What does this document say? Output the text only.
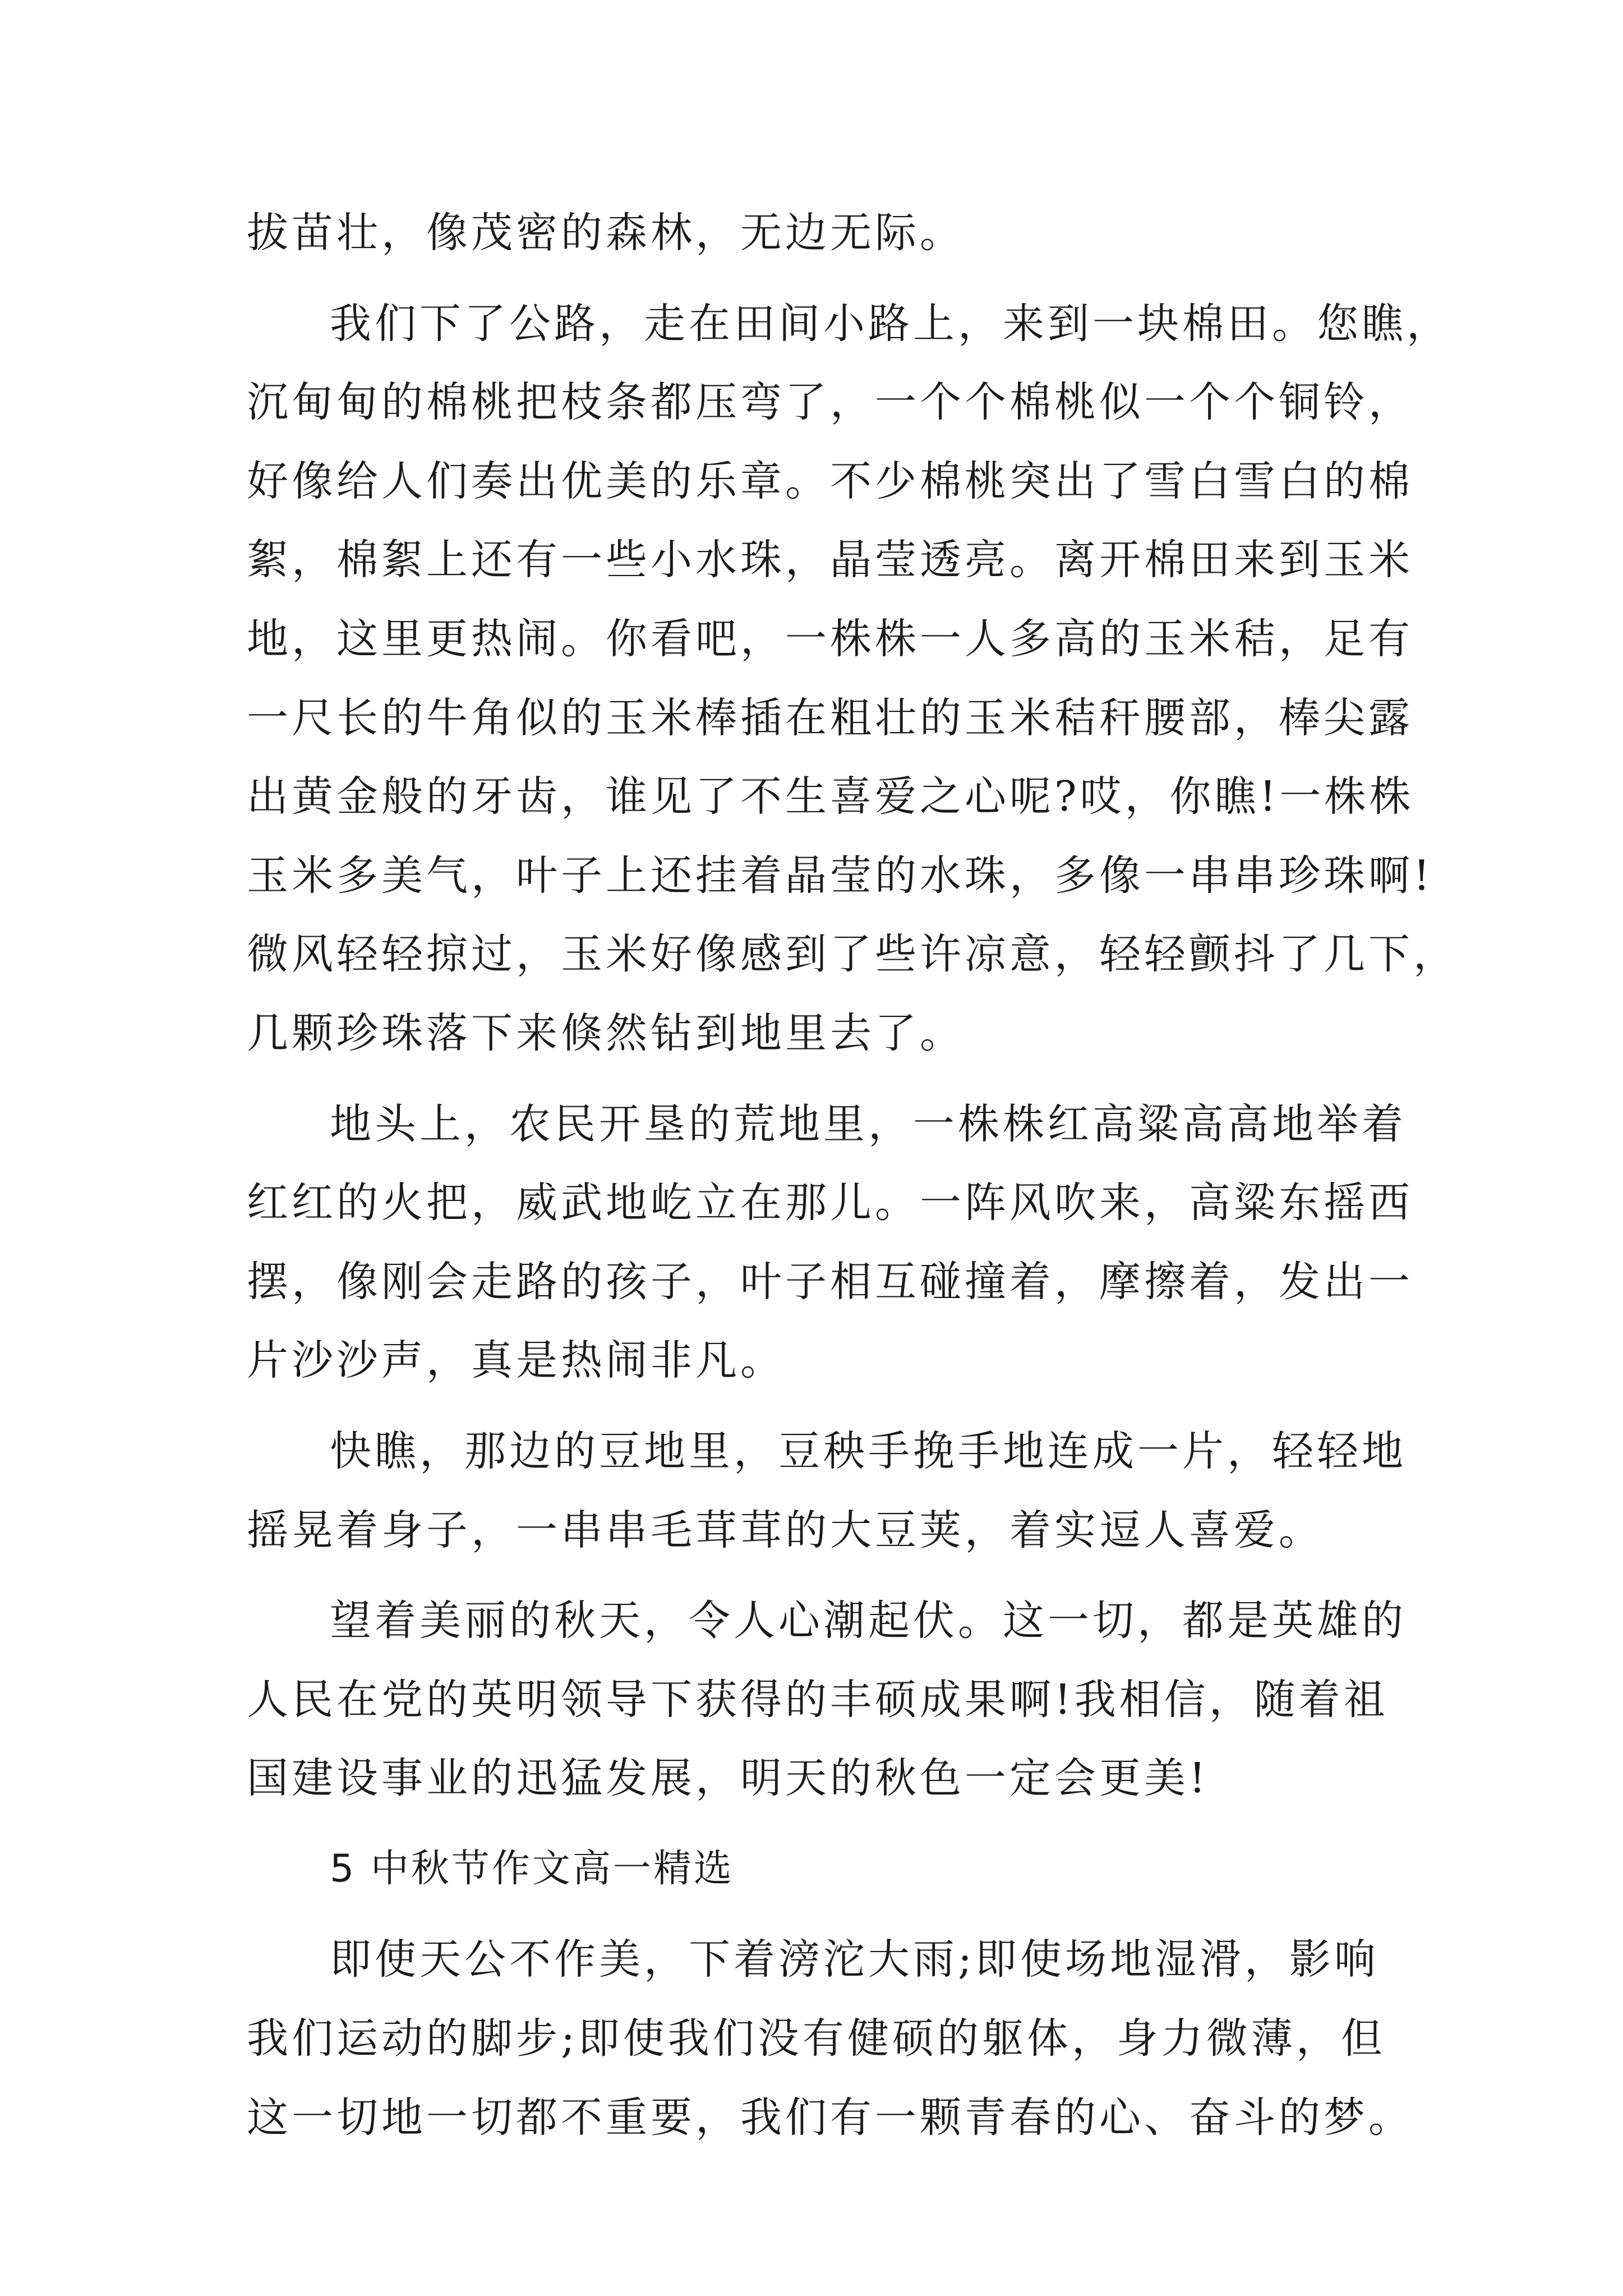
拔苗壮，像茂密的森林，无边无际。
我们下了公路，走在田间小路上，来到一块棉田。您瞧，
沉甸甸的棉桃把枝条都压弯了，一个个棉桃似一个个铜铃，
好像给人们奏出优美的乐章。不少棉桃突出了雪白雪白的棉
絮，棉絮上还有一些小水珠，晶莹透亮。离开棉田来到玉米
地，这里更热闹。你看吧，一株株一人多高的玉米秸，足有
一尺长的牛角似的玉米棒插在粗壮的玉米秸秆腰部，棒尖露
出黄金般的牙齿，谁见了不生喜爱之心呢?哎，你瞧!一株株
玉米多美气，叶子上还挂着晶莹的水珠，多像一串串珍珠啊!
微风轻轻掠过，玉米好像感到了些许凉意，轻轻颤抖了几下，
几颗珍珠落下来倏然钻到地里去了。
地头上，农民开垦的荒地里，一株株红高粱高高地举着
红红的火把，威武地屹立在那儿。一阵风吹来，高粱东摇西
摆，像刚会走路的孩子，叶子相互碰撞着，摩擦着，发出一
片沙沙声，真是热闹非凡。
快瞧，那边的豆地里，豆秧手挽手地连成一片，轻轻地
摇晃着身子，一串串毛茸茸的大豆荚，着实逗人喜爱。
望着美丽的秋天，令人心潮起伏。这一切，都是英雄的
人民在党的英明领导下获得的丰硕成果啊!我相信，随着祖
国建设事业的迅猛发展，明天的秋色一定会更美!
5 中秋节作文高一精选
即使天公不作美，下着滂沱大雨;即使场地湿滑，影响
我们运动的脚步;即使我们没有健硕的躯体，身力微薄，但
这一切地一切都不重要，我们有一颗青春的心、奋斗的梦。
